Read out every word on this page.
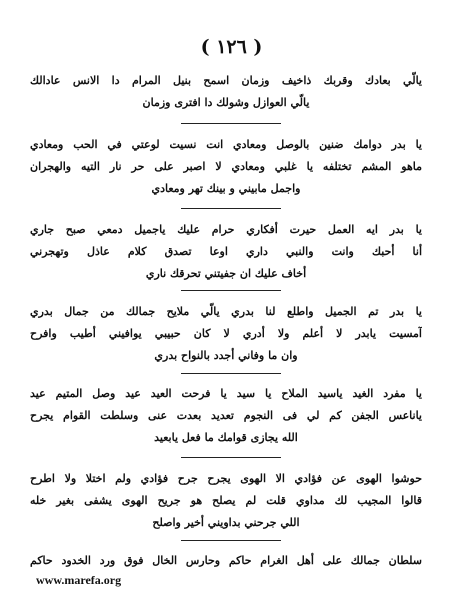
( ١٢٦ )
يالّي بعادك وقربك ذاخيف وزمان اسمح بنيل المرام دا الانس عادالك
يالّي العوازل وشولك دا افترى وزمان
يا بدر دوامك ضنين بالوصل ومعادي انت نسيت لوعتي في الحب ومعادي
ماهو المشم تختلفه يا غلبي ومعادي لا اصبر على حر نار التيه والهجران
واجمل مابيني و بينك تهر ومعادي
يا بدر ايه العمل حيرت أفكاري حرام عليك ياجميل دمعي صبح جاري
أنا أحبك وانت والنبي داري اوعا تصدق كلام عاذل وتهجرني
أخاف عليك ان جفيتني تحرقك ناري
يا بدر تم الجميل واطلع لنا بدري يالّي ملايح جمالك من جمال بدري
آمسيت يابدر لا أعلم ولا أدري لا كان حبيبي يوافيني أطيب وافرح
وان ما وفاني أجدد بالنواح بدري
يا مفرد الغيد ياسيد الملاح يا سيد يا فرحت العيد عيد وصل المتيم عيد
ياناعس الجفن كم لي فى النجوم تعديد بعدت عنى وسلطت القوام يجرح
الله يجازى قوامك ما فعل يابعيد
حوشوا الهوى عن فؤادي الا الهوى يجرح جرح فؤادي ولم اختلا ولا اطرح
قالوا المجيب لك مداوي قلت لم يصلح هو جريح الهوى يشفى بغير خله
اللي جرحني بداويني أخير واصلح
سلطان جمالك على أهل الغرام حاكم وحارس الخال فوق ورد الخدود حاكم
www.marefa.org
